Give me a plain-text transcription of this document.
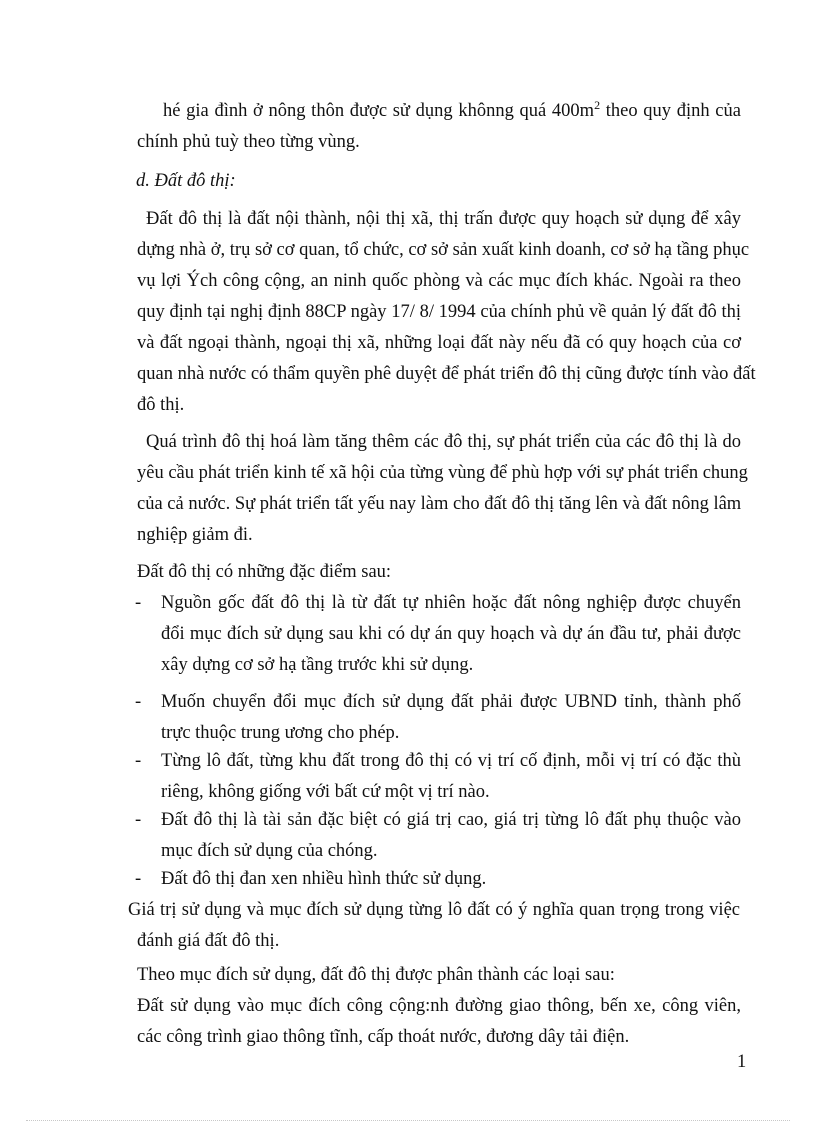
hé gia đình ở nông thôn được sử dụng khônng quá $400m^2$ theo quy định của
chính phủ tuỳ theo từng vùng.
d. Đất đô thị:
Đất đô thị là đất nội thành, nội thị xã, thị trấn được quy hoạch sử dụng để xây
dựng nhà ở, trụ sở cơ quan, tổ chức, cơ sở sản xuất kinh doanh, cơ sở hạ tầng phục
vụ lợi Ých công cộng, an ninh quốc phòng và các mục đích khác. Ngoài ra theo
quy định tại nghị định 88CP ngày 17/ 8/ 1994 của chính phủ về quản lý đất đô thị
và đất ngoại thành, ngoại thị xã, những loại đất này nếu đã có quy hoạch của cơ
quan nhà nước có thẩm quyền phê duyệt để phát triển đô thị cũng được tính vào đất
đô thị.
Quá trình đô thị hoá làm tăng thêm các đô thị, sự phát triển của các đô thị là do
yêu cầu phát triển kinh tế xã hội của từng vùng để phù hợp với sự phát triển chung
của cả nước. Sự phát triển tất yếu nay làm cho đất đô thị tăng lên và đất nông lâm
nghiệp giảm đi.
Đất đô thị có những đặc điểm sau:
- Nguồn gốc đất đô thị là từ đất tự nhiên hoặc đất nông nghiệp được chuyển
đổi mục đích sử dụng sau khi có dự án quy hoạch và dự án đầu tư, phải được
xây dựng cơ sở hạ tầng trước khi sử dụng.
- Muốn chuyển đổi mục đích sử dụng đất phải được UBND tỉnh, thành phố
trực thuộc trung ương cho phép.
- Từng lô đất, từng khu đất trong đô thị có vị trí cố định, mỗi vị trí có đặc thù
riêng, không giống với bất cứ một vị trí nào.
- Đất đô thị là tài sản đặc biệt có giá trị cao, giá trị từng lô đất phụ thuộc vào
mục đích sử dụng của chóng.
- Đất đô thị đan xen nhiều hình thức sử dụng.
Giá trị sử dụng và mục đích sử dụng từng lô đất có ý nghĩa quan trọng trong việc
đánh giá đất đô thị.
Theo mục đích sử dụng, đất đô thị được phân thành các loại sau:
Đất sử dụng vào mục đích công cộng:nh đường giao thông, bến xe, công viên,
các công trình giao thông tĩnh, cấp thoát nước, đương dây tải điện.
1
